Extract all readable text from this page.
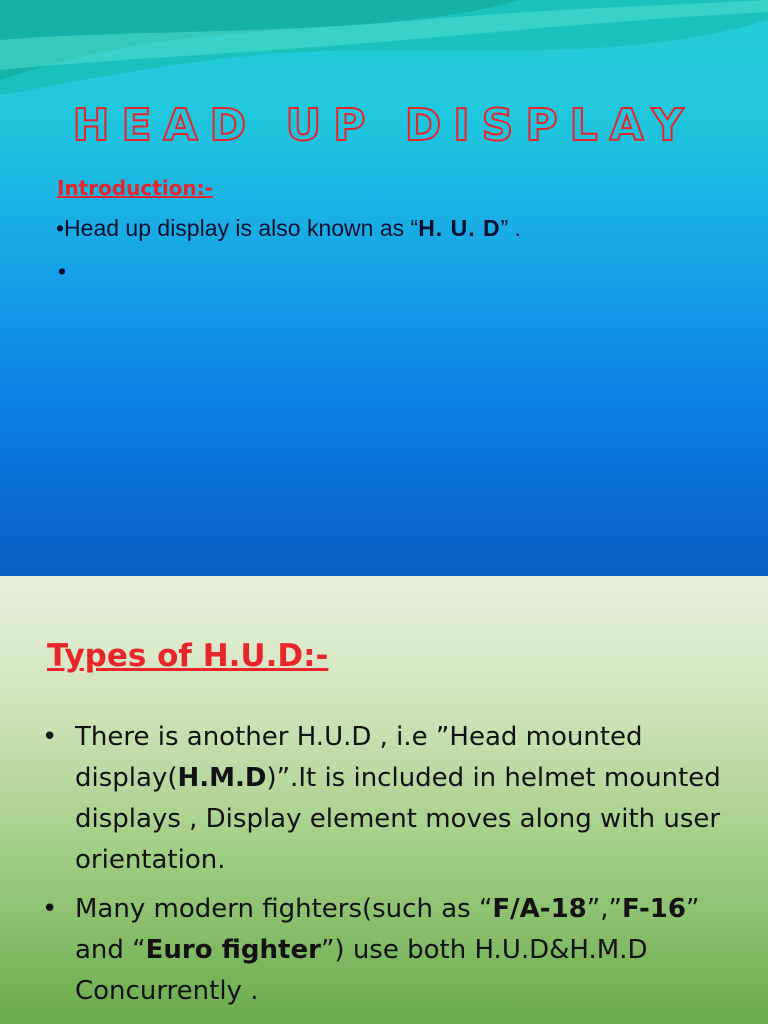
HEAD UP DISPLAY
Introduction:-
•Head up display is also known as “H. U. D” .
•
Types of H.U.D:-
• There is another H.U.D , i.e ”Head mounted display(H.M.D)”.It is included in helmet mounted displays , Display element moves along with user orientation.
• Many modern fighters(such as “F/A-18”,”F-16” and “Euro fighter”) use both H.U.D&H.M.D Concurrently .
